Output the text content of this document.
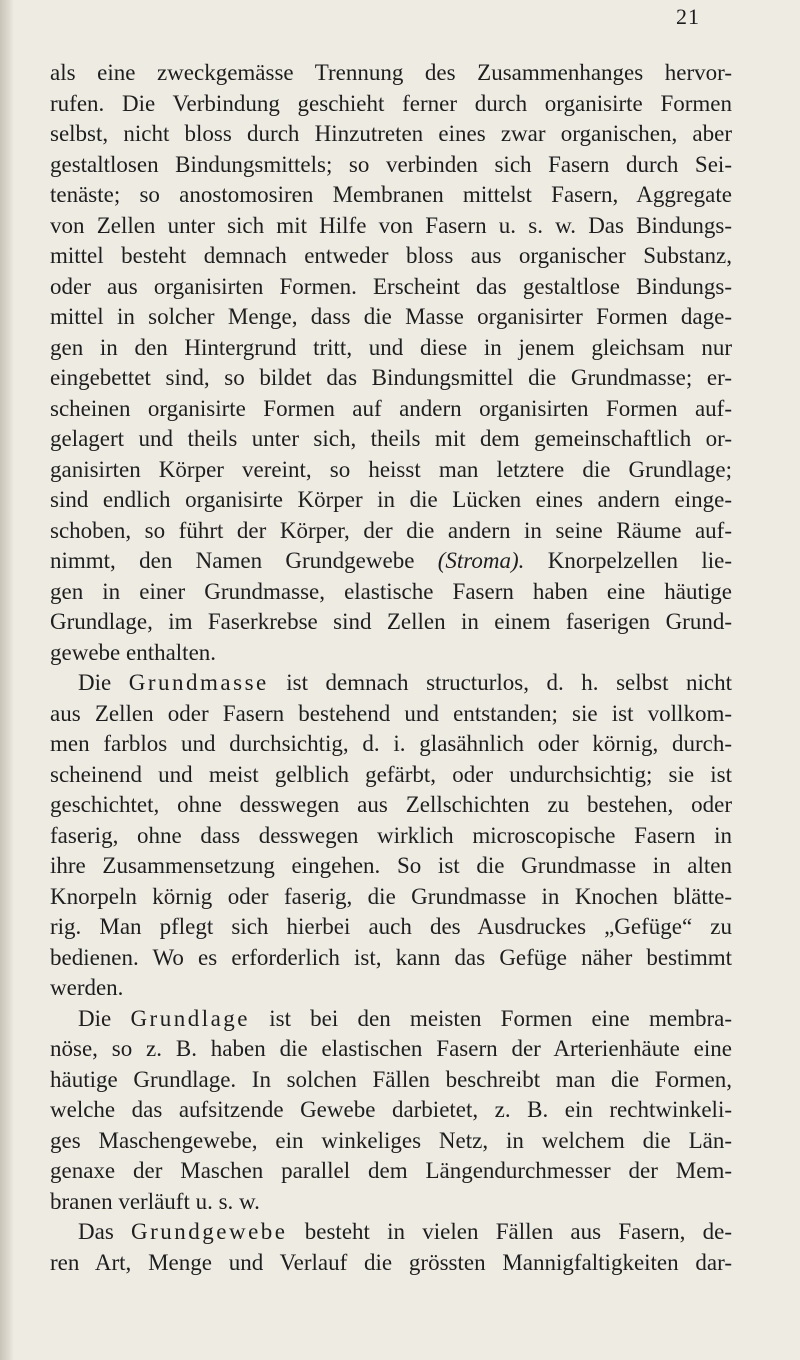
21
als eine zweckgemässe Trennung des Zusammenhanges hervor-
rufen. Die Verbindung geschieht ferner durch organisirte Formen
selbst, nicht bloss durch Hinzutreten eines zwar organischen, aber
gestaltlosen Bindungsmittels; so verbinden sich Fasern durch Sei-
tenäste; so anostomosiren Membranen mittelst Fasern, Aggregate
von Zellen unter sich mit Hilfe von Fasern u. s. w. Das Bindungs-
mittel besteht demnach entweder bloss aus organischer Substanz,
oder aus organisirten Formen. Erscheint das gestaltlose Bindungs-
mittel in solcher Menge, dass die Masse organisirter Formen dage-
gen in den Hintergrund tritt, und diese in jenem gleichsam nur
eingebettet sind, so bildet das Bindungsmittel die Grundmasse; er-
scheinen organisirte Formen auf andern organisirten Formen auf-
gelagert und theils unter sich, theils mit dem gemeinschaftlich or-
ganisirten Körper vereint, so heisst man letztere die Grundlage;
sind endlich organisirte Körper in die Lücken eines andern einge-
schoben, so führt der Körper, der die andern in seine Räume auf-
nimmt, den Namen Grundgewebe (Stroma). Knorpelzellen lie-
gen in einer Grundmasse, elastische Fasern haben eine häutige
Grundlage, im Faserkrebse sind Zellen in einem faserigen Grund-
gewebe enthalten.
Die Grundmasse ist demnach structurlos, d. h. selbst nicht
aus Zellen oder Fasern bestehend und entstanden; sie ist vollkom-
men farblos und durchsichtig, d. i. glasähnlich oder körnig, durch-
scheinend und meist gelblich gefärbt, oder undurchsichtig; sie ist
geschichtet, ohne desswegen aus Zellschichten zu bestehen, oder
faserig, ohne dass desswegen wirklich microscopische Fasern in
ihre Zusammensetzung eingehen. So ist die Grundmasse in alten
Knorpeln körnig oder faserig, die Grundmasse in Knochen blätte-
rig. Man pflegt sich hierbei auch des Ausdruckes „Gefüge“ zu
bedienen. Wo es erforderlich ist, kann das Gefüge näher bestimmt
werden.
Die Grundlage ist bei den meisten Formen eine membra-
nöse, so z. B. haben die elastischen Fasern der Arterienhäute eine
häutige Grundlage. In solchen Fällen beschreibt man die Formen,
welche das aufsitzende Gewebe darbietet, z. B. ein rechtwinkeli-
ges Maschengewebe, ein winkeliges Netz, in welchem die Län-
genaxe der Maschen parallel dem Längendurchmesser der Mem-
branen verläuft u. s. w.
Das Grundgewebe besteht in vielen Fällen aus Fasern, de-
ren Art, Menge und Verlauf die grössten Mannigfaltigkeiten dar-
